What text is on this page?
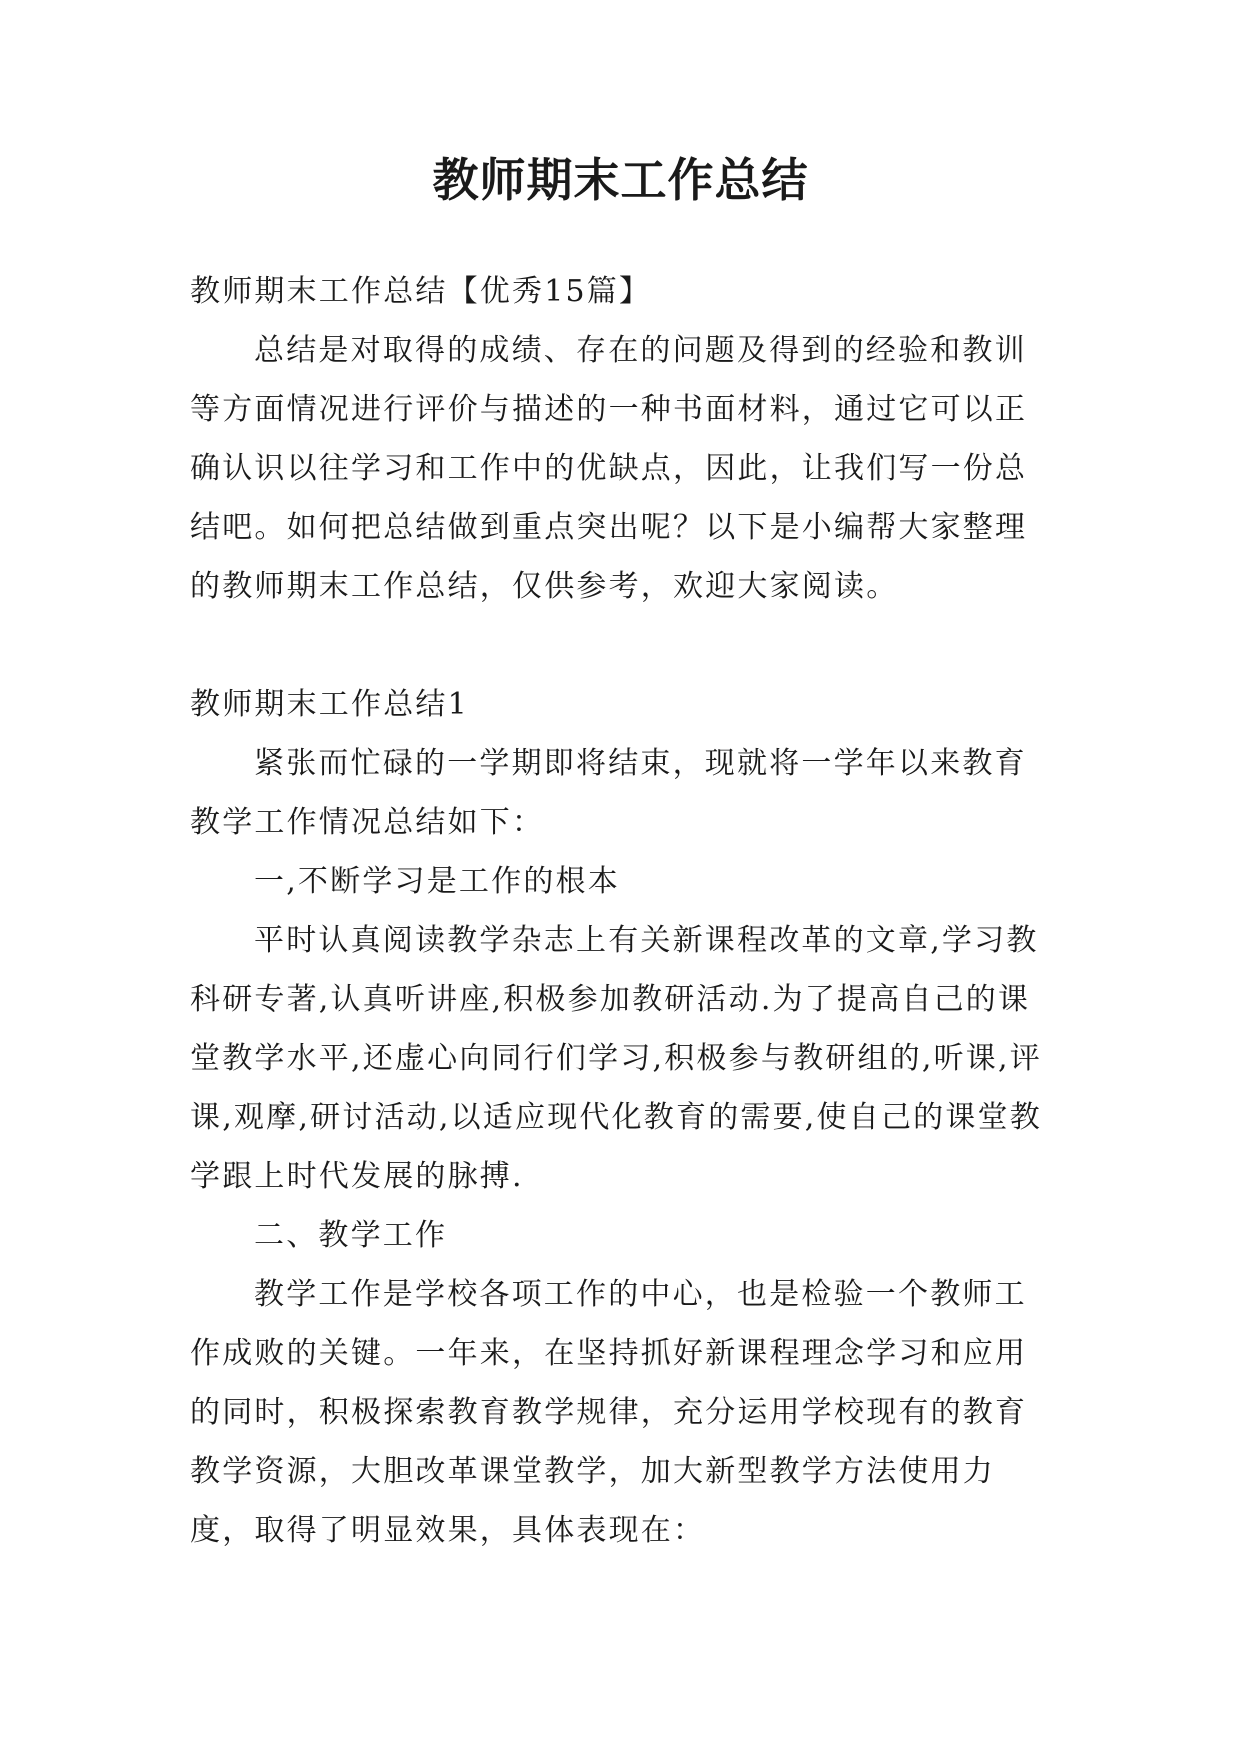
教师期末工作总结

教师期末工作总结【优秀15篇】

总结是对取得的成绩、存在的问题及得到的经验和教训等方面情况进行评价与描述的一种书面材料，通过它可以正确认识以往学习和工作中的优缺点，因此，让我们写一份总结吧。如何把总结做到重点突出呢？以下是小编帮大家整理的教师期末工作总结，仅供参考，欢迎大家阅读。

教师期末工作总结1

紧张而忙碌的一学期即将结束，现就将一学年以来教育教学工作情况总结如下：

一,不断学习是工作的根本

平时认真阅读教学杂志上有关新课程改革的文章,学习教科研专著,认真听讲座,积极参加教研活动.为了提高自己的课堂教学水平,还虚心向同行们学习,积极参与教研组的,听课,评课,观摩,研讨活动,以适应现代化教育的需要,使自己的课堂教学跟上时代发展的脉搏.

二、教学工作

教学工作是学校各项工作的中心，也是检验一个教师工作成败的关键。一年来，在坚持抓好新课程理念学习和应用的同时，积极探索教育教学规律，充分运用学校现有的教育教学资源，大胆改革课堂教学，加大新型教学方法使用力度，取得了明显效果，具体表现在：
